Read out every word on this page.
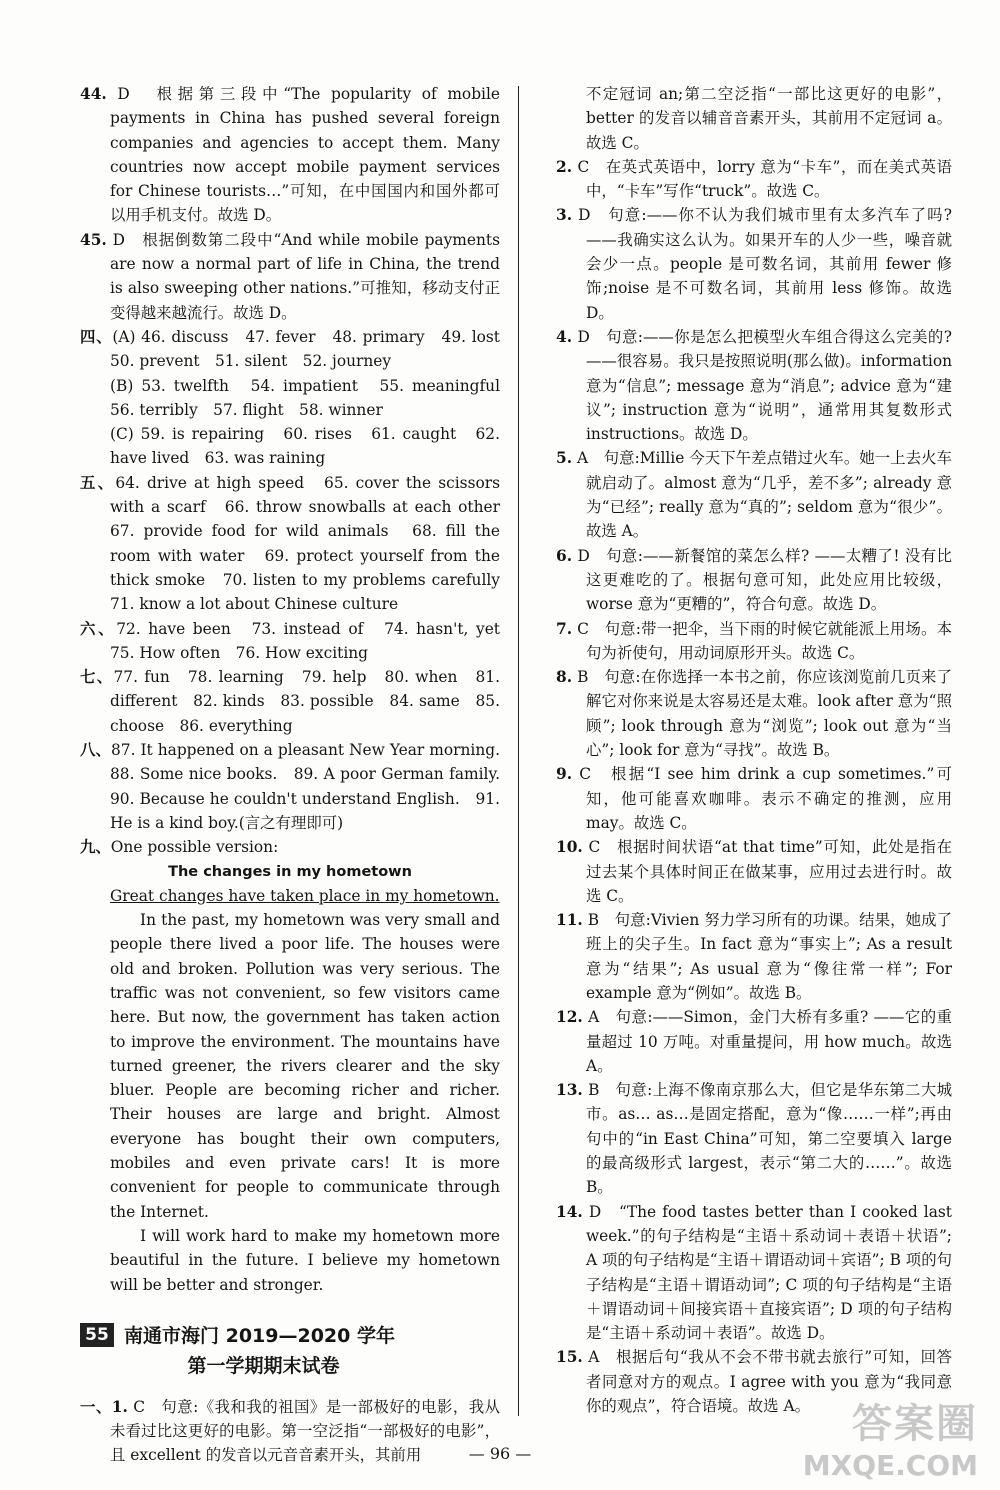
44. D　根据第三段中“The popularity of mobile payments in China has pushed several foreign companies and agencies to accept them. Many countries now accept mobile payment services for Chinese tourists…”可知，在中国国内和国外都可以用手机支付。故选 D。

45. D　根据倒数第二段中“And while mobile payments are now a normal part of life in China, the trend is also sweeping other nations.”可推知，移动支付正变得越来越流行。故选 D。

四、(A) 46. discuss　47. fever　48. primary　49. lost　50. prevent　51. silent　52. journey

(B) 53. twelfth　54. impatient　55. meaningful　56. terribly　57. flight　58. winner

(C) 59. is repairing　60. rises　61. caught　62. have lived　63. was raining

五、64. drive at high speed　65. cover the scissors with a scarf　66. throw snowballs at each other　67. provide food for wild animals　68. fill the room with water　69. protect yourself from the thick smoke　70. listen to my problems carefully　71. know a lot about Chinese culture

六、72. have been　73. instead of　74. hasn't, yet　75. How often　76. How exciting

七、77. fun　78. learning　79. help　80. when　81. different　82. kinds　83. possible　84. same　85. choose　86. everything

八、87. It happened on a pleasant New Year morning.　88. Some nice books.　89. A poor German family.　90. Because he couldn't understand English.　91. He is a kind boy.(言之有理即可)

九、One possible version:

The changes in my hometown

Great changes have taken place in my hometown.

In the past, my hometown was very small and people there lived a poor life. The houses were old and broken. Pollution was very serious. The traffic was not convenient, so few visitors came here. But now, the government has taken action to improve the environment. The mountains have turned greener, the rivers clearer and the sky bluer. People are becoming richer and richer. Their houses are large and bright. Almost everyone has bought their own computers, mobiles and even private cars! It is more convenient for people to communicate through the Internet.

I will work hard to make my hometown more beautiful in the future. I believe my hometown will be better and stronger.

55 南通市海门 2019—2020 学年
第一学期期末试卷

一、1. C　句意:《我和我的祖国》是一部极好的电影，我从未看过比这更好的电影。第一空泛指“一部极好的电影”，且 excellent 的发音以元音音素开头，其前用

不定冠词 an;第二空泛指“一部比这更好的电影”，better 的发音以辅音音素开头，其前用不定冠词 a。故选 C。

2. C　在英式英语中，lorry 意为“卡车”，而在美式英语中，“卡车”写作“truck”。故选 C。

3. D　句意:——你不认为我们城市里有太多汽车了吗? ——我确实这么认为。如果开车的人少一些，噪音就会少一点。people 是可数名词，其前用 fewer 修饰;noise 是不可数名词，其前用 less 修饰。故选 D。

4. D　句意:——你是怎么把模型火车组合得这么完美的? ——很容易。我只是按照说明(那么做)。information 意为“信息”; message 意为“消息”; advice 意为“建议”; instruction 意为“说明”，通常用其复数形式 instructions。故选 D。

5. A　句意:Millie 今天下午差点错过火车。她一上去火车就启动了。almost 意为“几乎，差不多”; already 意为“已经”; really 意为“真的”; seldom 意为“很少”。故选 A。

6. D　句意:——新餐馆的菜怎么样? ——太糟了! 没有比这更难吃的了。根据句意可知，此处应用比较级，worse 意为“更糟的”，符合句意。故选 D。

7. C　句意:带一把伞，当下雨的时候它就能派上用场。本句为祈使句，用动词原形开头。故选 C。

8. B　句意:在你选择一本书之前，你应该浏览前几页来了解它对你来说是太容易还是太难。look after 意为“照顾”; look through 意为“浏览”; look out 意为“当心”; look for 意为“寻找”。故选 B。

9. C　根据“I see him drink a cup sometimes.”可知，他可能喜欢咖啡。表示不确定的推测，应用 may。故选 C。

10. C　根据时间状语“at that time”可知，此处是指在过去某个具体时间正在做某事，应用过去进行时。故选 C。

11. B　句意:Vivien 努力学习所有的功课。结果，她成了班上的尖子生。In fact 意为“事实上”; As a result 意为“结果”; As usual 意为“像往常一样”; For example 意为“例如”。故选 B。

12. A　句意:——Simon，金门大桥有多重? ——它的重量超过 10 万吨。对重量提问，用 how much。故选 A。

13. B　句意:上海不像南京那么大，但它是华东第二大城市。as… as…是固定搭配，意为“像……一样”;再由句中的“in East China”可知，第二空要填入 large 的最高级形式 largest，表示“第二大的……”。故选 B。

14. D　“The food tastes better than I cooked last week.”的句子结构是“主语＋系动词＋表语＋状语”; A 项的句子结构是“主语＋谓语动词＋宾语”; B 项的句子结构是“主语＋谓语动词”; C 项的句子结构是“主语＋谓语动词＋间接宾语＋直接宾语”; D 项的句子结构是“主语＋系动词＋表语”。故选 D。

15. A　根据后句“我从不会不带书就去旅行”可知，回答者同意对方的观点。I agree with you 意为“我同意你的观点”，符合语境。故选 A。

— 96 —
答案圈
MXQE.COM
